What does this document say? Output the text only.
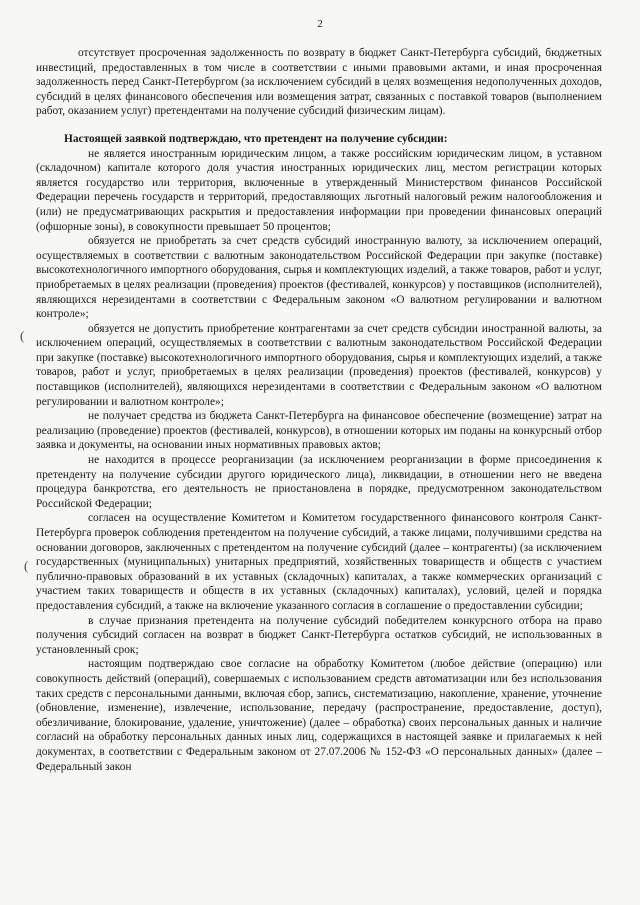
2
(
(

отсутствует просроченная задолженность по возврату в бюджет Санкт-Петербурга субсидий, бюджетных инвестиций, предоставленных в том числе в соответствии с иными правовыми актами, и иная просроченная задолженность перед Санкт-Петербургом (за исключением субсидий в целях возмещения недополученных доходов, субсидий в целях финансового обеспечения или возмещения затрат, связанных с поставкой товаров (выполнением работ, оказанием услуг) претендентами на получение субсидий физическим лицам).

Настоящей заявкой подтверждаю, что претендент на получение субсидии:

не является иностранным юридическим лицом, а также российским юридическим лицом, в уставном (складочном) капитале которого доля участия иностранных юридических лиц, местом регистрации которых является государство или территория, включенные в утвержденный Министерством финансов Российской Федерации перечень государств и территорий, предоставляющих льготный налоговый режим налогообложения и (или) не предусматривающих раскрытия и предоставления информации при проведении финансовых операций (офшорные зоны), в совокупности превышает 50 процентов;

обязуется не приобретать за счет средств субсидий иностранную валюту, за исключением операций, осуществляемых в соответствии с валютным законодательством Российской Федерации при закупке (поставке) высокотехнологичного импортного оборудования, сырья и комплектующих изделий, а также товаров, работ и услуг, приобретаемых в целях реализации (проведения) проектов (фестивалей, конкурсов) у поставщиков (исполнителей), являющихся нерезидентами в соответствии с Федеральным законом «О валютном регулировании и валютном контроле»;

обязуется не допустить приобретение контрагентами за счет средств субсидии иностранной валюты, за исключением операций, осуществляемых в соответствии с валютным законодательством Российской Федерации при закупке (поставке) высокотехнологичного импортного оборудования, сырья и комплектующих изделий, а также товаров, работ и услуг, приобретаемых в целях реализации (проведения) проектов (фестивалей, конкурсов) у поставщиков (исполнителей), являющихся нерезидентами в соответствии с Федеральным законом «О валютном регулировании и валютном контроле»;

не получает средства из бюджета Санкт-Петербурга на финансовое обеспечение (возмещение) затрат на реализацию (проведение) проектов (фестивалей, конкурсов), в отношении которых им поданы на конкурсный отбор заявка и документы, на основании иных нормативных правовых актов;

не находится в процессе реорганизации (за исключением реорганизации в форме присоединения к претенденту на получение субсидии другого юридического лица), ликвидации, в отношении него не введена процедура банкротства, его деятельность не приостановлена в порядке, предусмотренном законодательством Российской Федерации;

согласен на осуществление Комитетом и Комитетом государственного финансового контроля Санкт-Петербурга проверок соблюдения претендентом на получение субсидий, а также лицами, получившими средства на основании договоров, заключенных с претендентом на получение субсидий (далее – контрагенты) (за исключением государственных (муниципальных) унитарных предприятий, хозяйственных товариществ и обществ с участием публично-правовых образований в их уставных (складочных) капиталах, а также коммерческих организаций с участием таких товариществ и обществ в их уставных (складочных) капиталах), условий, целей и порядка предоставления субсидий, а также на включение указанного согласия в соглашение о предоставлении субсидии;

в случае признания претендента на получение субсидий победителем конкурсного отбора на право получения субсидий согласен на возврат в бюджет Санкт-Петербурга остатков субсидий, не использованных в установленный срок;

настоящим подтверждаю свое согласие на обработку Комитетом (любое действие (операцию) или совокупность действий (операций), совершаемых с использованием средств автоматизации или без использования таких средств с персональными данными, включая сбор, запись, систематизацию, накопление, хранение, уточнение (обновление, изменение), извлечение, использование, передачу (распространение, предоставление, доступ), обезличивание, блокирование, удаление, уничтожение) (далее – обработка) своих персональных данных и наличие согласий на обработку персональных данных иных лиц, содержащихся в настоящей заявке и прилагаемых к ней документах, в соответствии с Федеральным законом от 27.07.2006 № 152-ФЗ «О персональных данных» (далее – Федеральный закон
